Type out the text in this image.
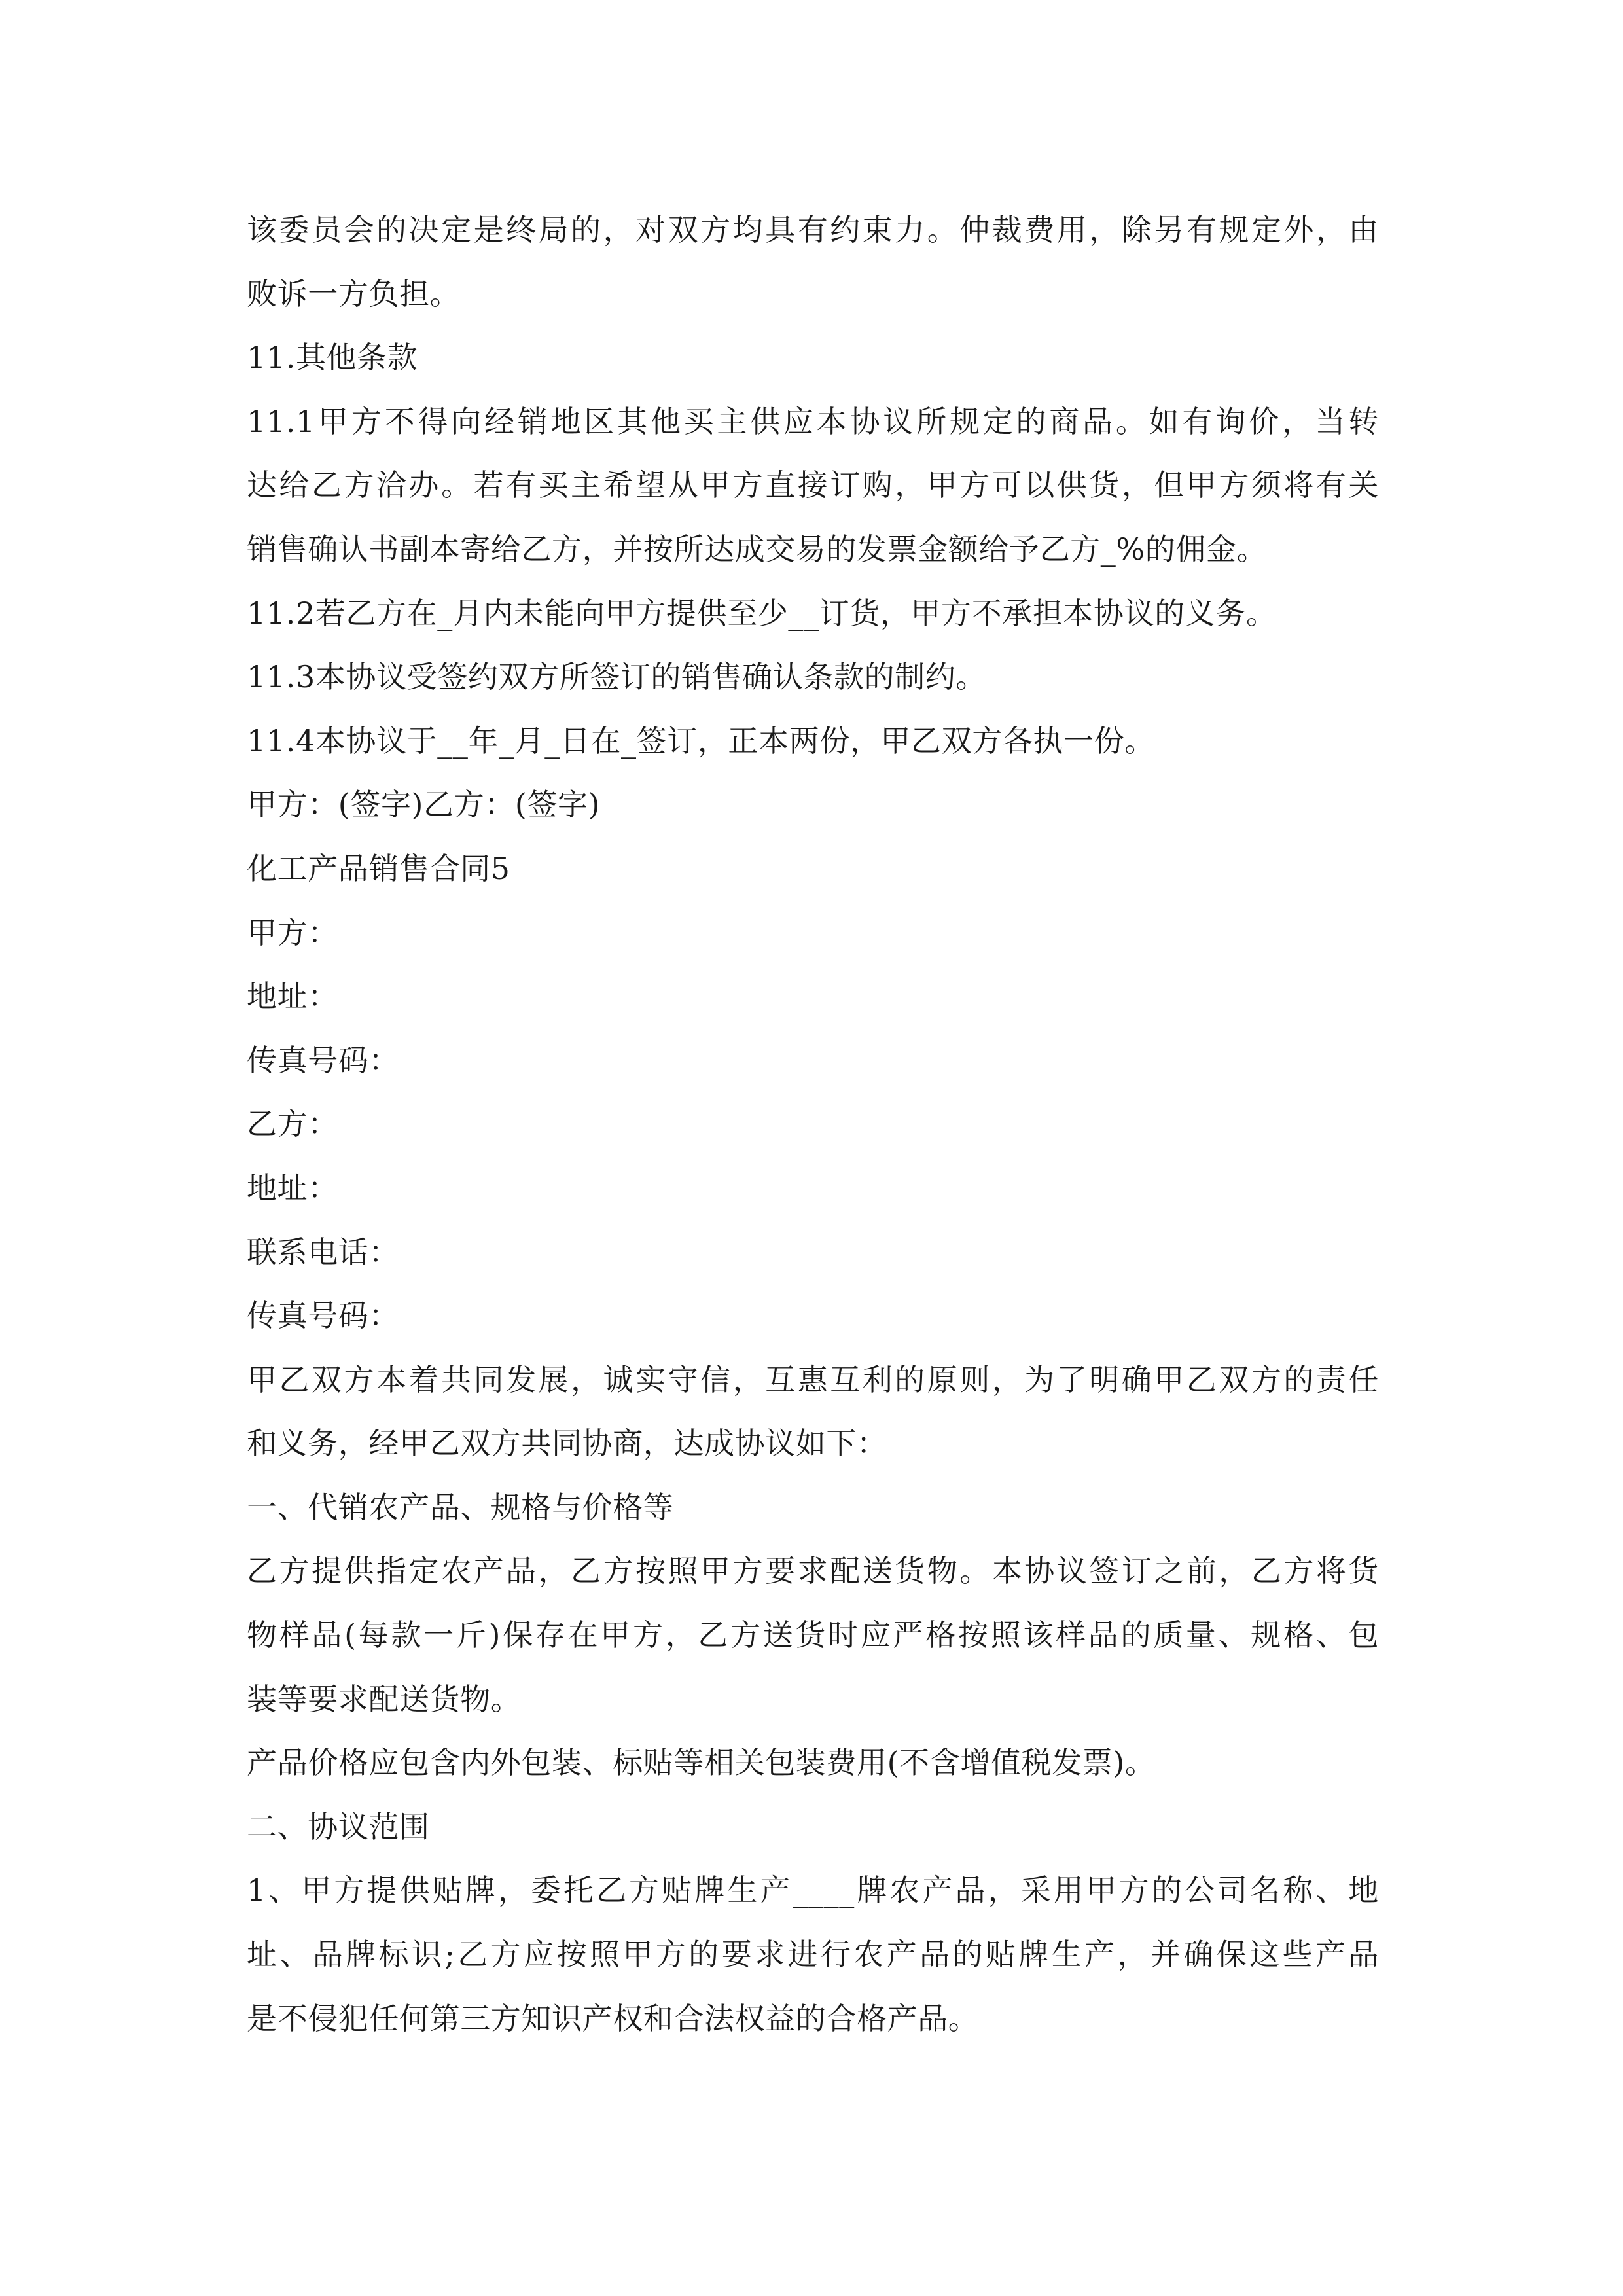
该委员会的决定是终局的，对双方均具有约束力。仲裁费用，除另有规定外，由
败诉一方负担。
11.其他条款
11.1甲方不得向经销地区其他买主供应本协议所规定的商品。如有询价，当转
达给乙方洽办。若有买主希望从甲方直接订购，甲方可以供货，但甲方须将有关
销售确认书副本寄给乙方，并按所达成交易的发票金额给予乙方_%的佣金。
11.2若乙方在_月内未能向甲方提供至少__订货，甲方不承担本协议的义务。
11.3本协议受签约双方所签订的销售确认条款的制约。
11.4本协议于__年_月_日在_签订，正本两份，甲乙双方各执一份。
甲方：(签字)乙方：(签字)
化工产品销售合同5
甲方：
地址：
传真号码：
乙方：
地址：
联系电话：
传真号码：
甲乙双方本着共同发展，诚实守信，互惠互利的原则，为了明确甲乙双方的责任
和义务，经甲乙双方共同协商，达成协议如下：
一、代销农产品、规格与价格等
乙方提供指定农产品，乙方按照甲方要求配送货物。本协议签订之前，乙方将货
物样品(每款一斤)保存在甲方，乙方送货时应严格按照该样品的质量、规格、包
装等要求配送货物。
产品价格应包含内外包装、标贴等相关包装费用(不含增值税发票)。
二、协议范围
1、甲方提供贴牌，委托乙方贴牌生产____牌农产品，采用甲方的公司名称、地
址、品牌标识;乙方应按照甲方的要求进行农产品的贴牌生产，并确保这些产品
是不侵犯任何第三方知识产权和合法权益的合格产品。
